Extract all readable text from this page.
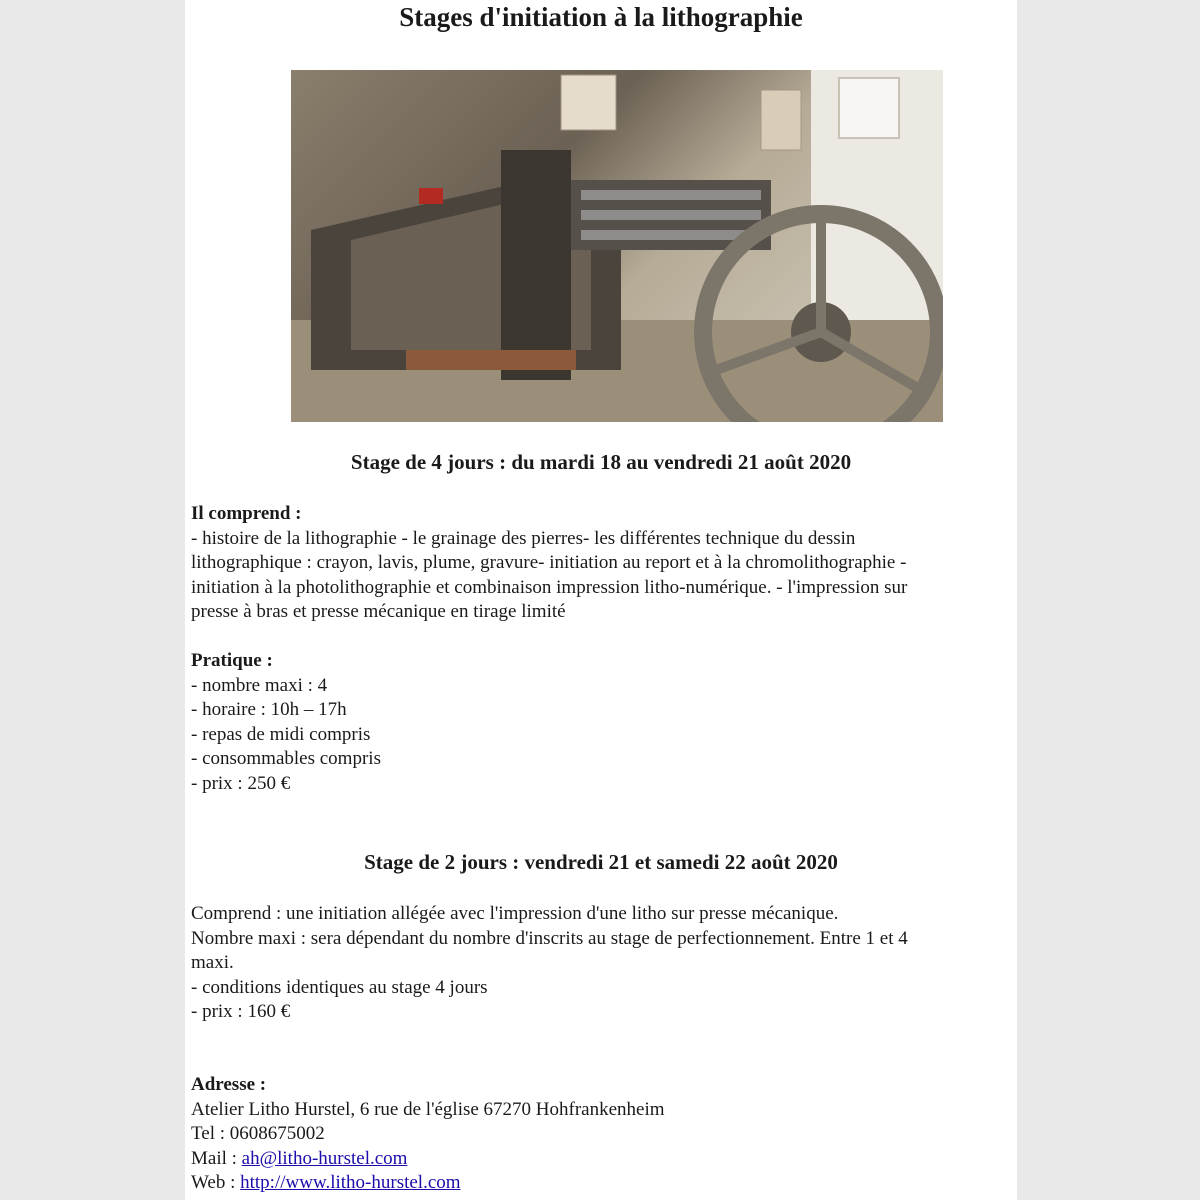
Stages d'initiation à la lithographie
Stage de 4 jours : du mardi 18 au vendredi 21 août 2020
Il comprend :
- histoire de la lithographie - le grainage des pierres- les différentes technique du dessin
lithographique : crayon, lavis, plume, gravure- initiation au report et à la chromolithographie -
initiation à la photolithographie et combinaison impression litho-numérique. - l'impression sur
presse à bras et presse mécanique en tirage limité
Pratique :
- nombre maxi : 4
- horaire : 10h – 17h
- repas de midi compris
- consommables compris
- prix : 250 €
Stage de 2 jours : vendredi 21 et samedi 22 août 2020
Comprend : une initiation allégée avec l'impression d'une litho sur presse mécanique.
Nombre maxi : sera dépendant du nombre d'inscrits au stage de perfectionnement. Entre 1 et 4
maxi.
- conditions identiques au stage 4 jours
- prix : 160 €
Adresse :
Atelier Litho Hurstel, 6 rue de l'église 67270 Hohfrankenheim
Tel : 0608675002
Mail : ah@litho-hurstel.com
Web : http://www.litho-hurstel.com
